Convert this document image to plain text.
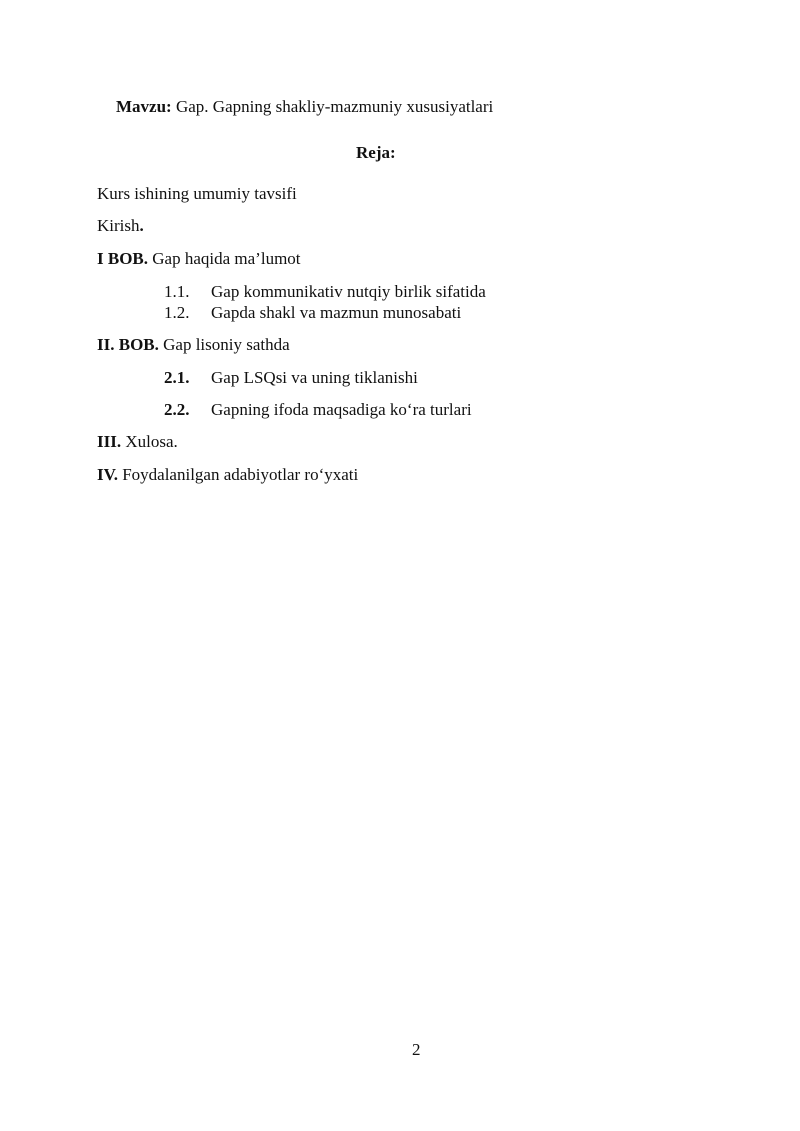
Mavzu: Gap. Gapning shakliy-mazmuniy xususiyatlari
Reja:
Kurs ishining umumiy tavsifi
Kirish.
I BOB. Gap haqida ma’lumot
1.1. Gap kommunikativ nutqiy birlik sifatida
1.2. Gapda shakl va mazmun munosabati
II. BOB. Gap lisoniy sathda
2.1. Gap LSQsi va uning tiklanishi
2.2. Gapning ifoda maqsadiga ko‘ra turlari
III. Xulosa.
IV. Foydalanilgan adabiyotlar ro‘yxati
2
